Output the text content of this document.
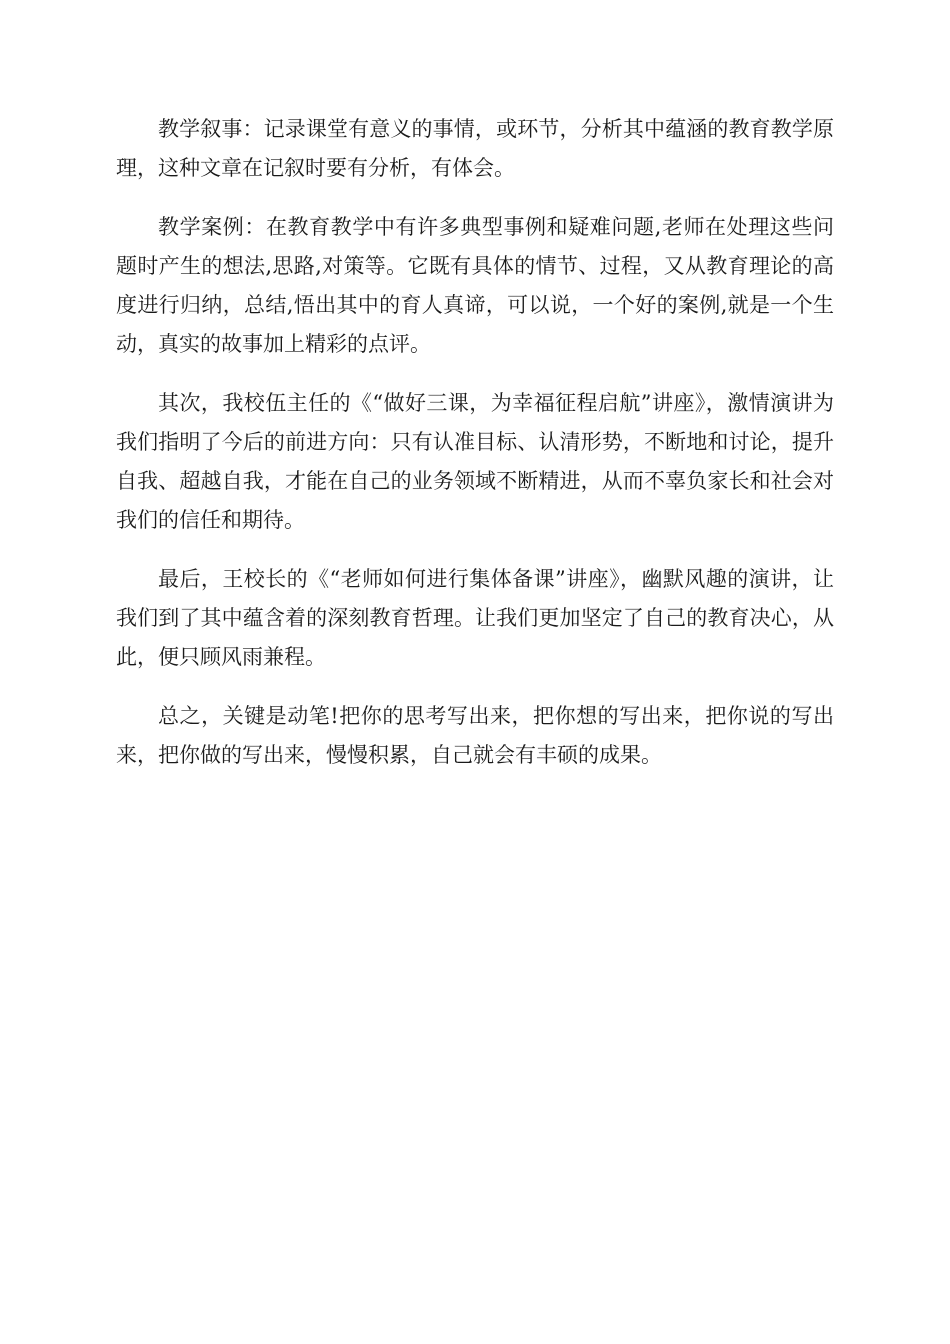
教学叙事：记录课堂有意义的事情，或环节，分析其中蕴涵的教育教学原理，这种文章在记叙时要有分析，有体会。

教学案例：在教育教学中有许多典型事例和疑难问题,老师在处理这些问题时产生的想法,思路,对策等。它既有具体的情节、过程，又从教育理论的高度进行归纳，总结,悟出其中的育人真谛，可以说，一个好的案例,就是一个生动，真实的故事加上精彩的点评。

其次，我校伍主任的《“做好三课，为幸福征程启航”讲座》，激情演讲为我们指明了今后的前进方向：只有认准目标、认清形势，不断地和讨论，提升自我、超越自我，才能在自己的业务领域不断精进，从而不辜负家长和社会对我们的信任和期待。

最后，王校长的《“老师如何进行集体备课”讲座》，幽默风趣的演讲，让我们到了其中蕴含着的深刻教育哲理。让我们更加坚定了自己的教育决心，从此，便只顾风雨兼程。

总之，关键是动笔!把你的思考写出来，把你想的写出来，把你说的写出来，把你做的写出来，慢慢积累，自己就会有丰硕的成果。
